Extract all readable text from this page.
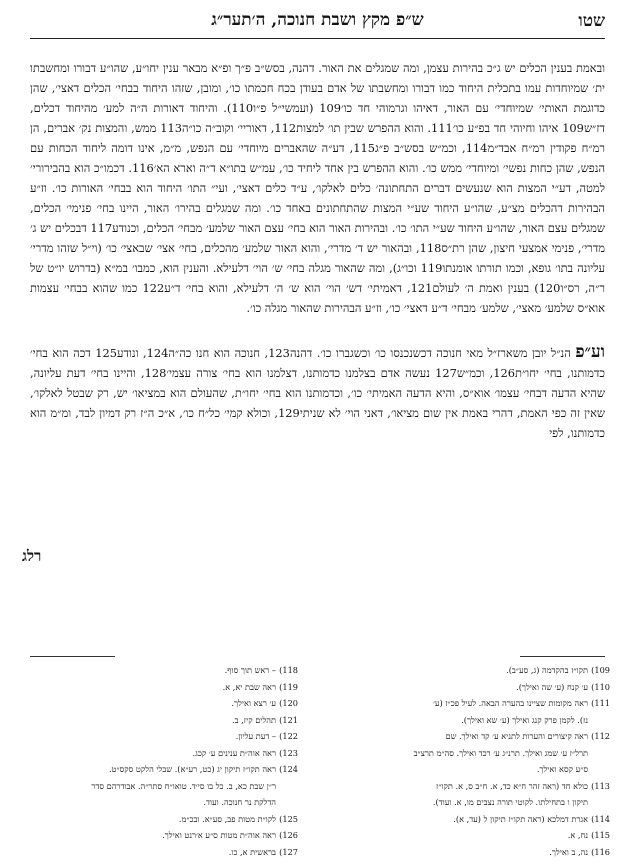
ש״פ מקץ ושבת חנוכה, ה׳תער״ג	שטו

ובאמת בענין הכלים יש ג״כ בהירות עצמן, ומה שמגלים את האור. דהנה, בסש״ב פ״ך ופ״א מבאר ענין יחו״ע, שהו״ע דבורו ומחשבתו ית׳ שמיוחדות עמו בתכלית היחוד כמו דבורו ומחשבתו של אדם בעודן בכח חכמתו כו׳, ומובן, שזהו היחוד בבחי׳ הכלים דאצי׳, שהן כדוגמת האותי׳ שמיוחדי׳ עם האור, דאיהו וגרמוהי חד כו׳109 (ועמשי״ל פ״ו110). והיחוד דאורות ה״ה למע׳ מהיחוד דכלים, דז״ש109 איהו וחיוהי חד בפ״ע כו׳111. והוא ההפרש שבין תו׳ למצות112, דאוריי׳ וקוב״ה כו״ה113 ממש, והמצות נק׳ אברים, הן רמ״ח פקודין רמ״ח אבד״מ114, וכמ״ש בסש״ב פ״ג115, דע״ה שהאברים מיוחדי׳ עם הנפש, מ״מ, אינו דומה ליחוד הכחות עם הנפש, שהן כחות נפשי׳ ומיוחדי׳ ממש כו׳. והוא ההפרש בין אחד ליחיד כו׳, עמ״ש בתו״א ד״ה וארא הא׳116. דכמו״כ הוא בהבירורי׳ למטה, דע״י המצות הוא שנעשים דברים התחתונה׳ כלים לאלקו׳, ע״ד כלים דאצי׳, ועי״ התו׳ היחוד הוא בבחי׳ האורות כו׳. וז״ע הבהירות דהכלים מצ״ע, שהו״ע היחוד שע״י המצות שהתחתונים באחד כו׳. ומה שמגלים בהירו׳ האור, היינו בחי׳ פנימי׳ הכלים, שמגלים עצם האור, שהו״ע היחוד שע״י התו׳ כו׳. ובהירות האור הוא בחי׳ עצם האור שלמע׳ מבחי׳ הכלים, וכנודע117 דבכלים יש ג׳ מדרי׳, פנימי אמצעי חיצון, שהן רת״ס118, ובהאור יש ד׳ מדרי׳, והוא האור שלמע׳ מהכלים, בחי׳ אצי׳ שבאצי׳ כו׳ (וי״ל שזהו מדרי׳ עליונה בתו׳ גופא, וכמו תורתו אומנתו119 וכו״ג), ומה שהאור מגלה בחי׳ ש׳ הוי׳ דלעילא. והענין הוא, כמבו׳ במ״א (בדרוש יו״ט של ר״ה, רס״ו120) בענין ואמת ה׳ לעולם121, דאמיתי׳ דש׳ הוי׳ הוא ש׳ ה׳ דלעילא, והוא בחי׳ ד״ע122 כמו שהוא בבחי׳ עצמות אוא״ס שלמע׳ מאצי׳, שלמע׳ מבחי׳ ד״ע דאצי׳ כו׳, וז״ע הבהירות שהאור מגלה כו׳.

וע״פ הנ״ל יובן משארז״ל מאי חנוכה דכשנכנסו כו׳ וכשגברו כו׳. דהנה123, חנוכה הוא חנו כה״ה124, ונודע125 דכה הוא בחי׳ כדמותנו, בחי׳ יחו״ת126, וכמ״ש127 נעשה אדם בצלמנו כדמותנו, דצלמנו הוא בחי׳ צורה עצמי׳128, והיינו בחי׳ דעת עליונה, שהיא הדעה דבחי׳ עצמו׳ אוא״ס, והיא הדעה האמיתי׳ כו׳, וכדמותנו הוא בחי׳ יחו״ת, שהעולם הוא במציאו׳ יש, רק שבטל לאלקו׳, שאין זה כפי האמת, דהרי באמת אין שום מציאו׳, דאני הוי׳ לא שניתי129, וכולא קמי׳ כל״ח כו׳, א״כ ה״ז רק דמיון לבד, ומ״מ הוא כדמותנו, לפי

רלג
109)תקו״ז בהקדמה (ג, סע״ב).
110)ע׳ קנח (ע׳ שה ואילך).
111)ראה מקומות שציינו בהערה הבאה. לעיל פכ״ז (ע׳
נז). לקמן פרק קנג ואילך (ע׳ שא ואילך).
112)ראה קיצורים והערות לתניא ע׳ קד ואילך. שם
תרל״ז ע׳ שמג ואילך. תרנ״ג ע׳ רכד ואילך. סה״מ תרצ״ב
ס״ע קסא ואילך.
113)כולא חד (ראה זהר ח״א כד, א. ח״ב ס, א. תקו״ז
תיקון ו בתחילתו. לקוטי תורה נצבים מו, א. ועוד).
114)אגרת דמלכא (ראה תקו״ז תיקון ל (עד, א).
115)נח, א.
116)נה, ב ואילך.
118)– ראש תוך סוף.
119)ראה שבת יא, א.
120)ע׳ רצא ואילך.
121)תהלים קיז, ב.
122)– דעת עליון.
123)ראה אוה״ת ענינים ע׳ קכג.
124)ראה תקו״ז תיקון יג (כט, רע״א). שבלי הלקט סקס״ט.
ר״ן שבת כא, ב. כל בו סי׳ד. טואו״ח סתר״ה. אבודרהם סדר
הדלקת נר חנוכה. ועוד.
125)לקו״ת מטות פב, סע״א. ובכ״מ.
126)ראה אוה״ת מטות ס״ע א׳רנט ואילך.
127)בראשית א, כו.
